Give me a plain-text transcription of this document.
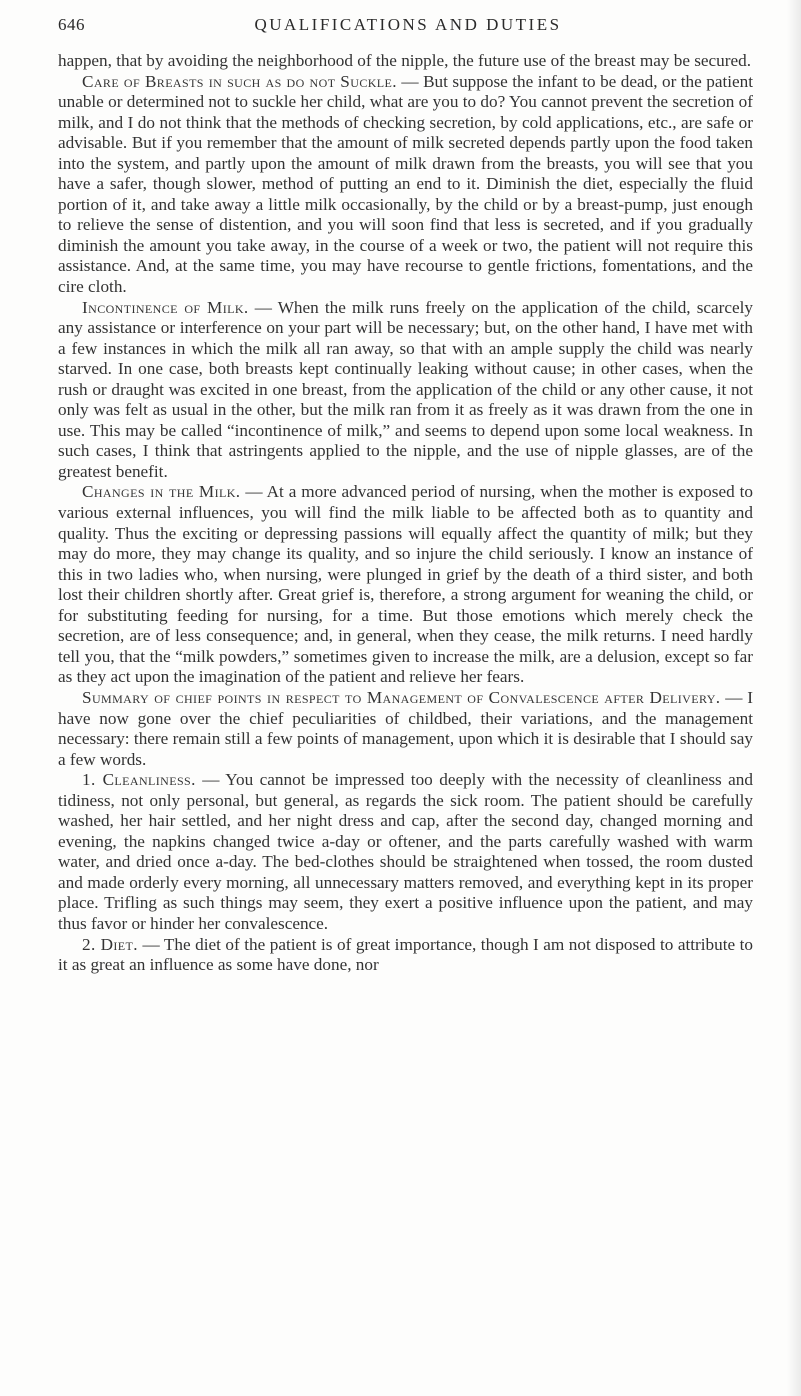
646	QUALIFICATIONS AND DUTIES

happen, that by avoiding the neighborhood of the nipple, the future use of the breast may be secured.

Care of Breasts in such as do not Suckle. — But suppose the infant to be dead, or the patient unable or determined not to suckle her child, what are you to do? You cannot prevent the secretion of milk, and I do not think that the methods of checking secretion, by cold applications, etc., are safe or advisable. But if you remember that the amount of milk secreted depends partly upon the food taken into the system, and partly upon the amount of milk drawn from the breasts, you will see that you have a safer, though slower, method of putting an end to it. Diminish the diet, especially the fluid portion of it, and take away a little milk occasionally, by the child or by a breast-pump, just enough to relieve the sense of distention, and you will soon find that less is secreted, and if you gradually diminish the amount you take away, in the course of a week or two, the patient will not require this assistance. And, at the same time, you may have recourse to gentle frictions, fomentations, and the cire cloth.

Incontinence of Milk. — When the milk runs freely on the application of the child, scarcely any assistance or interference on your part will be necessary; but, on the other hand, I have met with a few instances in which the milk all ran away, so that with an ample supply the child was nearly starved. In one case, both breasts kept continually leaking without cause; in other cases, when the rush or draught was excited in one breast, from the application of the child or any other cause, it not only was felt as usual in the other, but the milk ran from it as freely as it was drawn from the one in use. This may be called “incontinence of milk,” and seems to depend upon some local weakness. In such cases, I think that astringents applied to the nipple, and the use of nipple glasses, are of the greatest benefit.

Changes in the Milk. — At a more advanced period of nursing, when the mother is exposed to various external influences, you will find the milk liable to be affected both as to quantity and quality. Thus the exciting or depressing passions will equally affect the quantity of milk; but they may do more, they may change its quality, and so injure the child seriously. I know an instance of this in two ladies who, when nursing, were plunged in grief by the death of a third sister, and both lost their children shortly after. Great grief is, therefore, a strong argument for weaning the child, or for substituting feeding for nursing, for a time. But those emotions which merely check the secretion, are of less consequence; and, in general, when they cease, the milk returns. I need hardly tell you, that the “milk powders,” sometimes given to increase the milk, are a delusion, except so far as they act upon the imagination of the patient and relieve her fears.

Summary of chief points in respect to Management of Convalescence after Delivery. — I have now gone over the chief peculiarities of childbed, their variations, and the management necessary: there remain still a few points of management, upon which it is desirable that I should say a few words.

1. Cleanliness. — You cannot be impressed too deeply with the necessity of cleanliness and tidiness, not only personal, but general, as regards the sick room. The patient should be carefully washed, her hair settled, and her night dress and cap, after the second day, changed morning and evening, the napkins changed twice a-day or oftener, and the parts carefully washed with warm water, and dried once a-day. The bed-clothes should be straightened when tossed, the room dusted and made orderly every morning, all unnecessary matters removed, and everything kept in its proper place. Trifling as such things may seem, they exert a positive influence upon the patient, and may thus favor or hinder her convalescence.

2. Diet. — The diet of the patient is of great importance, though I am not disposed to attribute to it as great an influence as some have done, nor
